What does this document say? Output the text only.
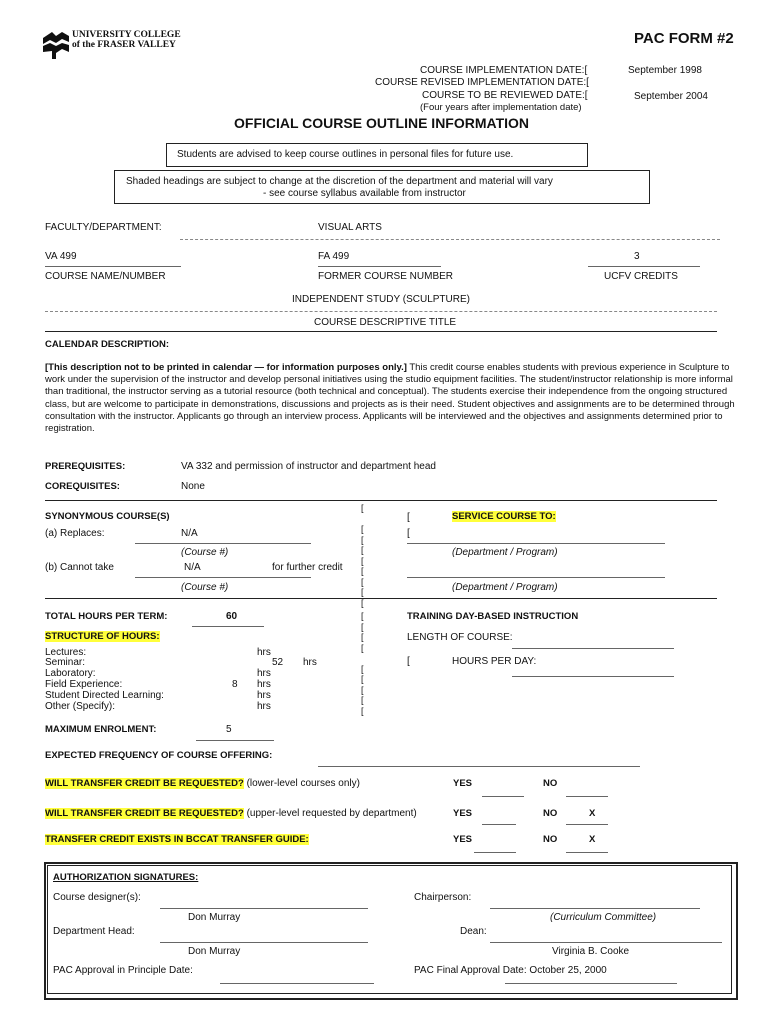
UNIVERSITY COLLEGE
of the FRASER VALLEY	PAC FORM #2
COURSE IMPLEMENTATION DATE:[	September 1998
COURSE REVISED IMPLEMENTATION DATE:[
COURSE TO BE REVIEWED DATE:[	September 2004
(Four years after implementation date)
OFFICIAL COURSE OUTLINE INFORMATION
Students are advised to keep course outlines in personal files for future use.
Shaded headings are subject to change at the discretion of the department and material will vary
- see course syllabus available from instructor
FACULTY/DEPARTMENT:	VISUAL ARTS
VA 499	FA 499	3
COURSE NAME/NUMBER	FORMER COURSE NUMBER	UCFV CREDITS
INDEPENDENT STUDY (SCULPTURE)
COURSE DESCRIPTIVE TITLE
CALENDAR DESCRIPTION:
[This description not to be printed in calendar — for information purposes only.] This credit course enables students with previous experience in Sculpture to work under the supervision of the instructor and develop personal initiatives using the studio equipment facilities. The student/instructor relationship is more informal than traditional, the instructor serving as a tutorial resource (both technical and conceptual). The students exercise their independence from the ongoing structured class, but are welcome to participate in demonstrations, discussions and projects as is their need. Student objectives and assignments are to be determined through consultation with the instructor. Applicants go through an interview process. Applicants will be interviewed and the objectives and assignments determined prior to registration.
PREREQUISITES:	VA 332 and permission of instructor and department head
COREQUISITES:	None
SYNONYMOUS COURSE(S)
(a) Replaces:	N/A
(Course #)
(b) Cannot take	N/A	for further credit
(Course #)
[

[
[
[
[
[
[
[
[
[	SERVICE COURSE TO:
[
(Department / Program)
(Department / Program)
TOTAL HOURS PER TERM:	60
STRUCTURE OF HOURS:
Lectures:	hrs
Seminar:	52 hrs
Laboratory:	hrs
Field Experience:	8 hrs
Student Directed Learning:	hrs
Other (Specify):	hrs
[
[
[
[

[
[
[
[
[
TRAINING DAY-BASED INSTRUCTION
LENGTH OF COURSE:
[	HOURS PER DAY:
MAXIMUM ENROLMENT:	5
EXPECTED FREQUENCY OF COURSE OFFERING:
WILL TRANSFER CREDIT BE REQUESTED? (lower-level courses only)	YES	NO
WILL TRANSFER CREDIT BE REQUESTED? (upper-level requested by department)	YES	NO	X
TRANSFER CREDIT EXISTS IN BCCAT TRANSFER GUIDE:	YES	NO	X
AUTHORIZATION SIGNATURES:
Course designer(s):
Don Murray
Chairperson:
(Curriculum Committee)
Department Head:
Don Murray
Dean:
Virginia B. Cooke
PAC Approval in Principle Date:	PAC Final Approval Date: October 25, 2000
